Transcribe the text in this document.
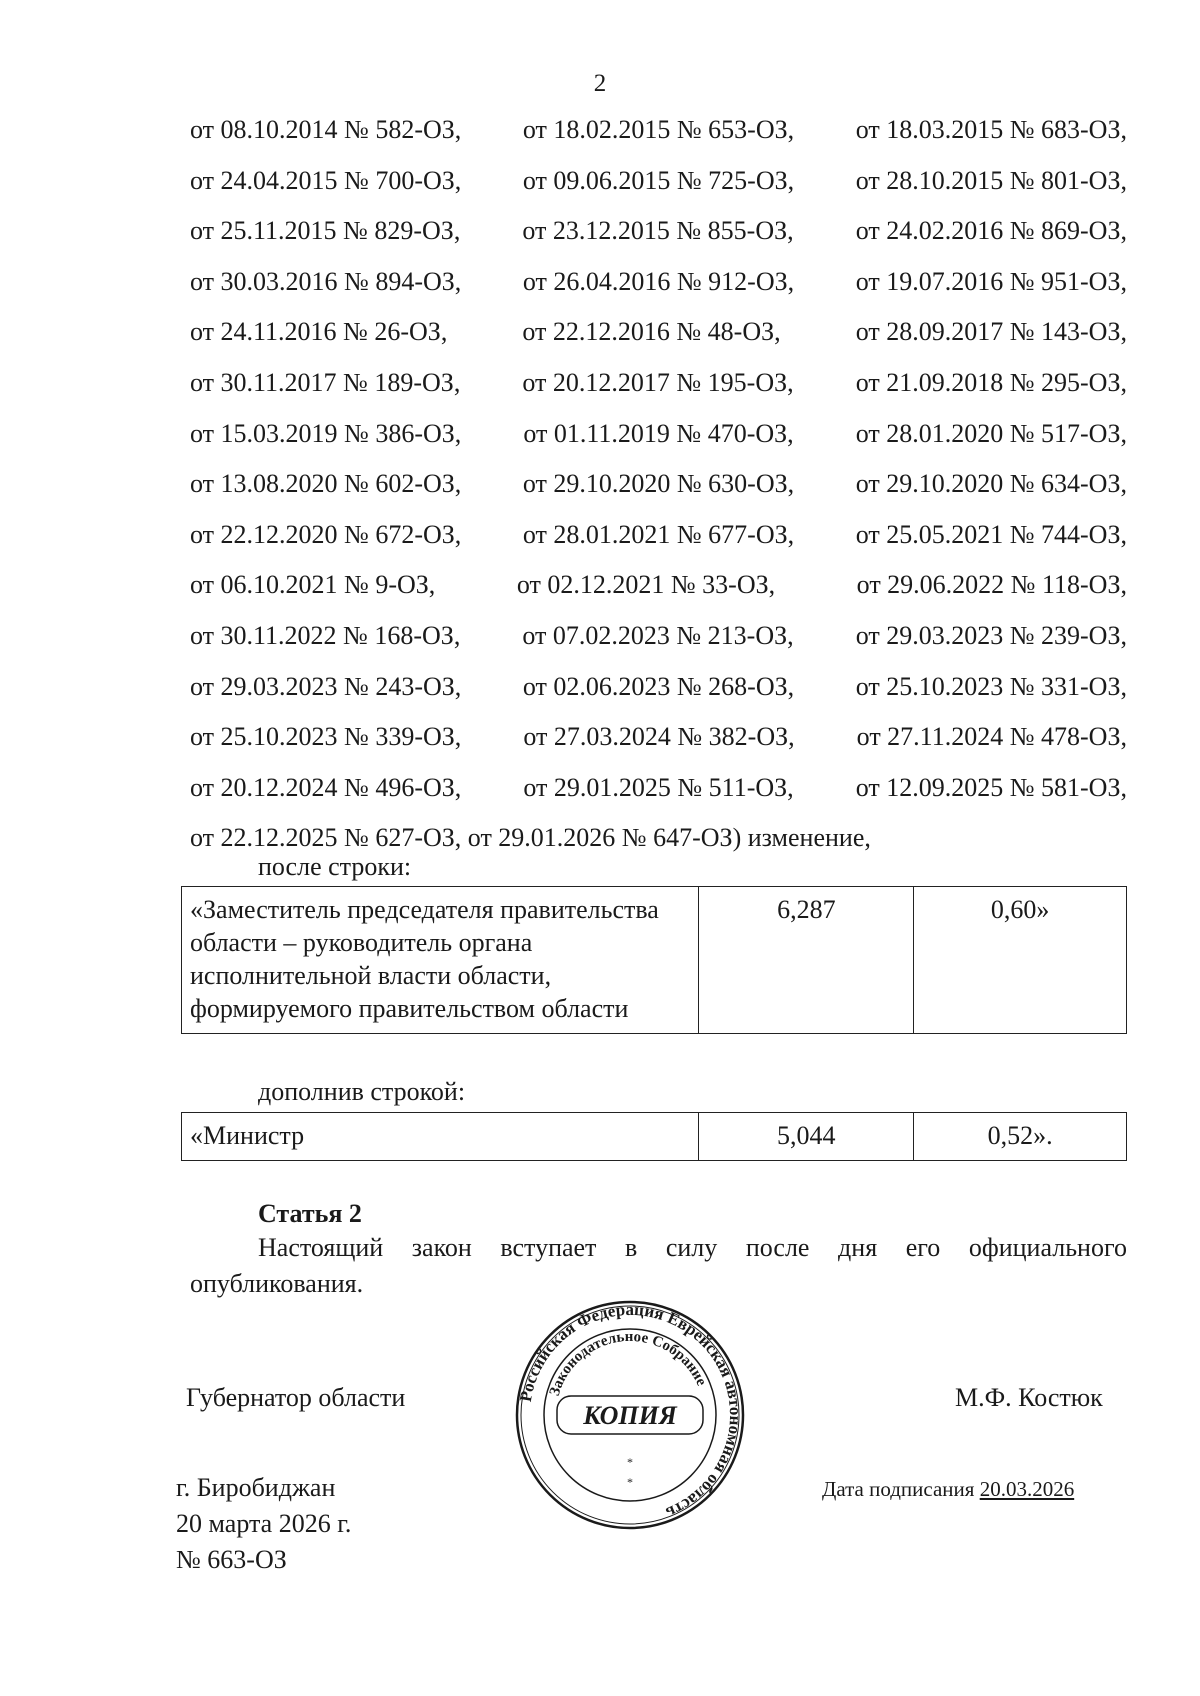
2
от 08.10.2014 № 582-ОЗ, от 18.02.2015 № 653-ОЗ, от 18.03.2015 № 683-ОЗ,
от 24.04.2015 № 700-ОЗ, от 09.06.2015 № 725-ОЗ, от 28.10.2015 № 801-ОЗ,
от 25.11.2015 № 829-ОЗ, от 23.12.2015 № 855-ОЗ, от 24.02.2016 № 869-ОЗ,
от 30.03.2016 № 894-ОЗ, от 26.04.2016 № 912-ОЗ, от 19.07.2016 № 951-ОЗ,
от 24.11.2016 № 26-ОЗ,	от 22.12.2016 № 48-ОЗ,	от 28.09.2017 № 143-ОЗ,
от 30.11.2017 № 189-ОЗ, от 20.12.2017 № 195-ОЗ, от 21.09.2018 № 295-ОЗ,
от 15.03.2019 № 386-ОЗ, от 01.11.2019 № 470-ОЗ, от 28.01.2020 № 517-ОЗ,
от 13.08.2020 № 602-ОЗ, от 29.10.2020 № 630-ОЗ, от 29.10.2020 № 634-ОЗ,
от 22.12.2020 № 672-ОЗ, от 28.01.2021 № 677-ОЗ, от 25.05.2021 № 744-ОЗ,
от 06.10.2021 № 9-ОЗ,	от 02.12.2021 № 33-ОЗ,	от 29.06.2022 № 118-ОЗ,
от 30.11.2022 № 168-ОЗ, от 07.02.2023 № 213-ОЗ, от 29.03.2023 № 239-ОЗ,
от 29.03.2023 № 243-ОЗ, от 02.06.2023 № 268-ОЗ, от 25.10.2023 № 331-ОЗ,
от 25.10.2023 № 339-ОЗ, от 27.03.2024 № 382-ОЗ, от 27.11.2024 № 478-ОЗ,
от 20.12.2024 № 496-ОЗ, от 29.01.2025 № 511-ОЗ, от 12.09.2025 № 581-ОЗ,
от 22.12.2025 № 627-ОЗ, от 29.01.2026 № 647-ОЗ) изменение,
после строки:
«Заместитель председателя правительства области – руководитель органа исполнительной власти области, формируемого правительством области	6,287	0,60»
дополнив строкой:
«Министр	5,044	0,52».
Статья 2
Настоящий закон вступает в силу после дня его официального
опубликования.
Губернатор области	М.Ф. Костюк
г. Биробиджан
20 марта 2026 г.
№ 663-ОЗ
Дата подписания 20.03.2026
Российская Федерация Еврейская автономная область
Законодательное Собрание
КОПИЯ
*
*
